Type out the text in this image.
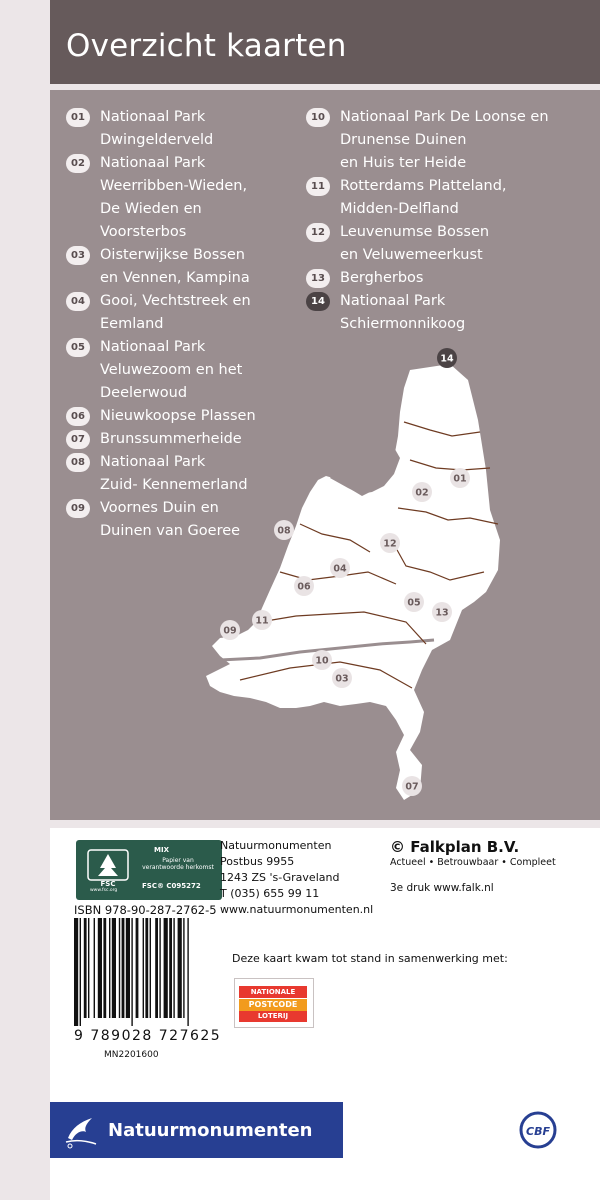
Overzicht kaarten
01	Nationaal Park
Dwingelderveld
02	Nationaal Park
Weerribben-Wieden,
De Wieden en
Voorsterbos
03	Oisterwijkse Bossen
en Vennen, Kampina
04	Gooi, Vechtstreek en
Eemland
05	Nationaal Park
Veluwezoom en het
Deelerwoud
06	Nieuwkoopse Plassen
07	Brunssummerheide
08	Nationaal Park
Zuid- Kennemerland
09	Voornes Duin en
Duinen van Goeree
10	Nationaal Park De Loonse en
Drunense Duinen
en Huis ter Heide
11	Rotterdams Platteland,
Midden-Delfland
12	Leuvenumse Bossen
en Veluwemeerkust
13	Bergherbos
14	Nationaal Park
Schiermonnikoog
14
01
02
08
12
04
06
05
13
11
09
10
03
07
FSC
MIX
Papier van
verantwoorde herkomst
FSC® C095272
www.fsc.org
ISBN 978-90-287-2762-5
9 789028 727625
MN2201600
Natuurmonumenten
Postbus 9955
1243 ZS 's-Graveland
T (035) 655 99 11
www.natuurmonumenten.nl
© Falkplan B.V.
Actueel • Betrouwbaar • Compleet
3e druk www.falk.nl
Deze kaart kwam tot stand in samenwerking met:
NATIONALE
POSTCODE
LOTERIJ
Natuurmonumenten	CBF
